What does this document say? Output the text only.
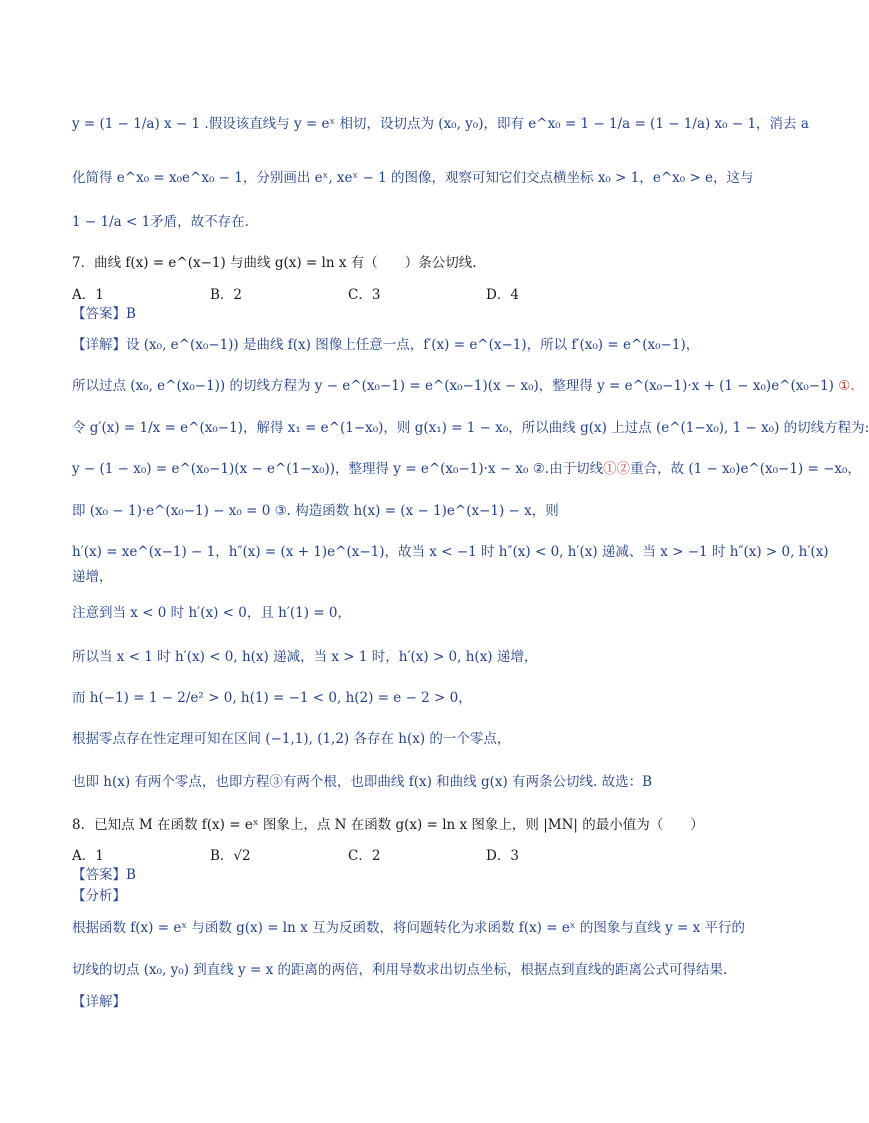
y = (1 − 1/a) x − 1 .假设该直线与 y = eˣ 相切，设切点为 (x₀, y₀)，即有 e^x₀ = 1 − 1/a = (1 − 1/a) x₀ − 1，消去 a
化简得 e^x₀ = x₀e^x₀ − 1，分别画出 eˣ, xeˣ − 1 的图像，观察可知它们交点横坐标 x₀ > 1，e^x₀ > e，这与
1 − 1/a < 1矛盾，故不存在.
7．曲线 f(x) = e^(x−1) 与曲线 g(x) = ln x 有（　　）条公切线.
A．1	B．2	C．3	D．4
【答案】B
【详解】设 (x₀, e^(x₀−1)) 是曲线 f(x) 图像上任意一点，f′(x) = e^(x−1)，所以 f′(x₀) = e^(x₀−1)，
所以过点 (x₀, e^(x₀−1)) 的切线方程为 y − e^(x₀−1) = e^(x₀−1)(x − x₀)，整理得 y = e^(x₀−1)·x + (1 − x₀)e^(x₀−1) ①.
令 g′(x) = 1/x = e^(x₀−1)，解得 x₁ = e^(1−x₀)，则 g(x₁) = 1 − x₀，所以曲线 g(x) 上过点 (e^(1−x₀), 1 − x₀) 的切线方程为:
y − (1 − x₀) = e^(x₀−1)(x − e^(1−x₀))，整理得 y = e^(x₀−1)·x − x₀ ②.由于切线①②重合，故 (1 − x₀)e^(x₀−1) = −x₀，
即 (x₀ − 1)·e^(x₀−1) − x₀ = 0 ③. 构造函数 h(x) = (x − 1)e^(x−1) − x，则
h′(x) = xe^(x−1) − 1，h″(x) = (x + 1)e^(x−1)，故当 x < −1 时 h″(x) < 0, h′(x) 递减、当 x > −1 时 h″(x) > 0, h′(x)
递增，
注意到当 x < 0 时 h′(x) < 0，且 h′(1) = 0，
所以当 x < 1 时 h′(x) < 0, h(x) 递减，当 x > 1 时，h′(x) > 0, h(x) 递增，
而 h(−1) = 1 − 2/e² > 0, h(1) = −1 < 0, h(2) = e − 2 > 0，
根据零点存在性定理可知在区间 (−1,1), (1,2) 各存在 h(x) 的一个零点，
也即 h(x) 有两个零点，也即方程③有两个根，也即曲线 f(x) 和曲线 g(x) 有两条公切线. 故选：B
8．已知点 M 在函数 f(x) = eˣ 图象上，点 N 在函数 g(x) = ln x 图象上，则 |MN| 的最小值为（　　）
A．1	B．√2	C．2	D．3
【答案】B
【分析】
根据函数 f(x) = eˣ 与函数 g(x) = ln x 互为反函数，将问题转化为求函数 f(x) = eˣ 的图象与直线 y = x 平行的
切线的切点 (x₀, y₀) 到直线 y = x 的距离的两倍，利用导数求出切点坐标，根据点到直线的距离公式可得结果.
【详解】
